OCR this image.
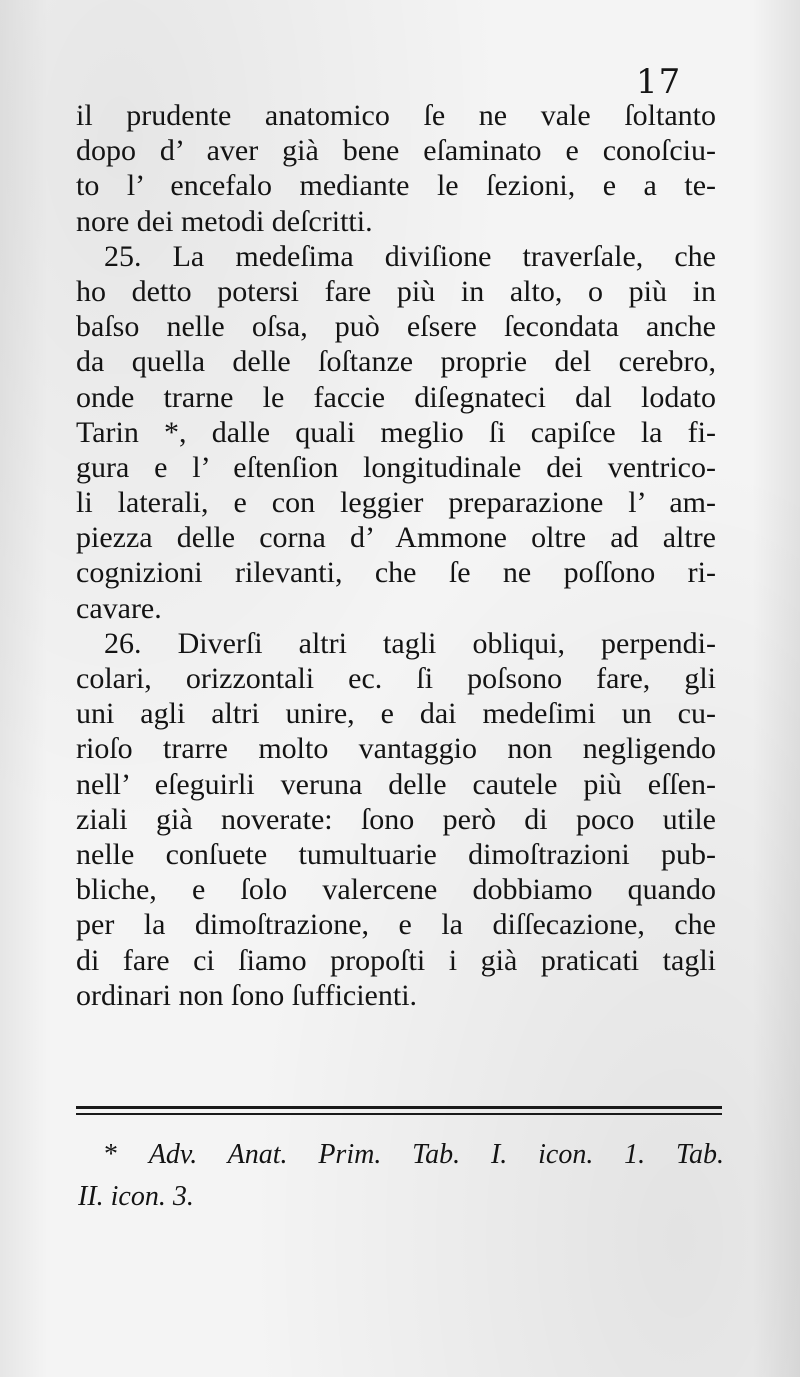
17
il prudente anatomico ſe ne vale ſoltanto
dopo d’ aver già bene eſaminato e conoſciu-
to l’ encefalo mediante le ſezioni, e a te-
nore dei metodi deſcritti.
25. La medeſima diviſione traverſale, che
ho detto potersi fare più in alto, o più in
baſso nelle oſsa, può eſsere ſecondata anche
da quella delle ſoſtanze proprie del cerebro,
onde trarne le faccie diſegnateci dal lodato
Tarin *, dalle quali meglio ſi capiſce la fi-
gura e l’ eſtenſion longitudinale dei ventrico-
li laterali, e con leggier preparazione l’ am-
piezza delle corna d’ Ammone oltre ad altre
cognizioni rilevanti, che ſe ne poſſono ri-
cavare.
26. Diverſi altri tagli obliqui, perpendi-
colari, orizzontali ec. ſi poſsono fare, gli
uni agli altri unire, e dai medeſimi un cu-
rioſo trarre molto vantaggio non negligendo
nell’ eſeguirli veruna delle cautele più eſſen-
ziali già noverate: ſono però di poco utile
nelle conſuete tumultuarie dimoſtrazioni pub-
bliche, e ſolo valercene dobbiamo quando
per la dimoſtrazione, e la diſſecazione, che
di fare ci ſiamo propoſti i già praticati tagli
ordinari non ſono ſufficienti.
* Adv. Anat. Prim. Tab. I. icon. 1. Tab.
II. icon. 3.
